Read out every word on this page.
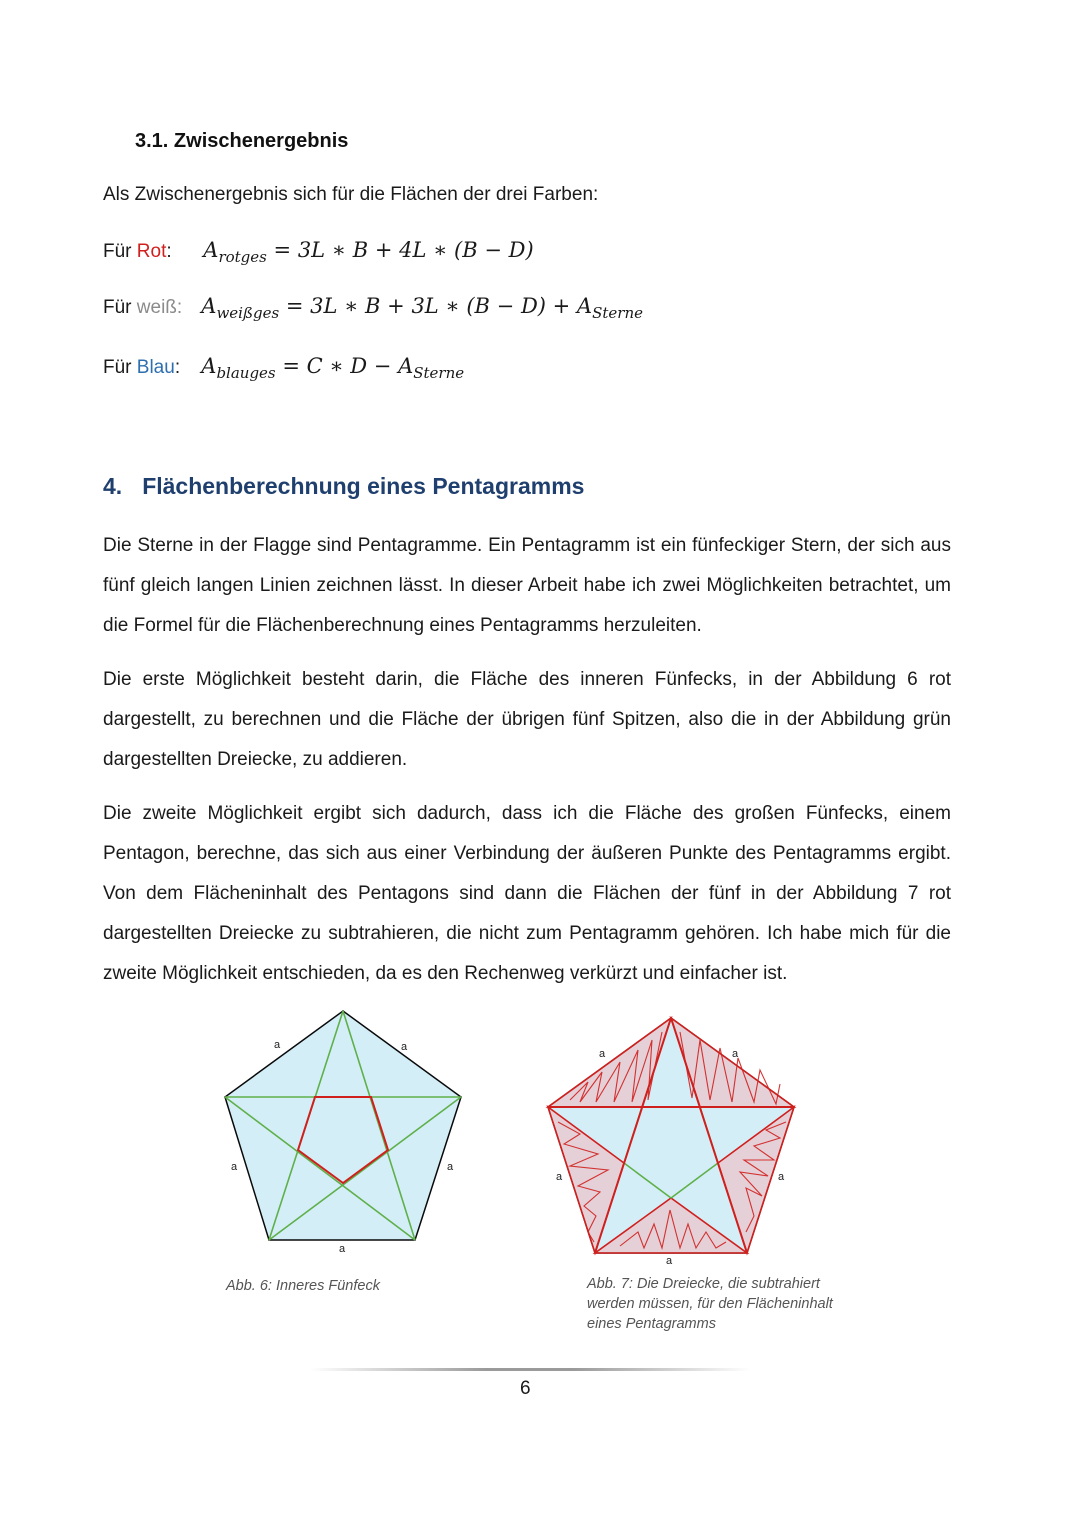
3.1. Zwischenergebnis
Als Zwischenergebnis sich für die Flächen der drei Farben:
Für Rot: $A_{rotges} = 3L$ ∗ B + 4L ∗ (B − D)
Für weiß: $A_{weißges} = 3L$ ∗ B + 3L ∗ $(B - D) + A_{Sterne}$
Für Blau: $A_{blauges} = C$ ∗ $D - A_{Sterne}$
4. Flächenberechnung eines Pentagramms
Die Sterne in der Flagge sind Pentagramme. Ein Pentagramm ist ein fünfeckiger Stern, der sich aus fünf gleich langen Linien zeichnen lässt. In dieser Arbeit habe ich zwei Möglichkeiten betrachtet, um die Formel für die Flächenberechnung eines Pentagramms herzuleiten.
Die erste Möglichkeit besteht darin, die Fläche des inneren Fünfecks, in der Abbildung 6 rot dargestellt, zu berechnen und die Fläche der übrigen fünf Spitzen, also die in der Abbildung grün dargestellten Dreiecke, zu addieren.
Die zweite Möglichkeit ergibt sich dadurch, dass ich die Fläche des großen Fünfecks, einem Pentagon, berechne, das sich aus einer Verbindung der äußeren Punkte des Pentagramms ergibt. Von dem Flächeninhalt des Pentagons sind dann die Flächen der fünf in der Abbildung 7 rot dargestellten Dreiecke zu subtrahieren, die nicht zum Pentagramm gehören. Ich habe mich für die zweite Möglichkeit entschieden, da es den Rechenweg verkürzt und einfacher ist.
a	a
a	a
a
Abb. 6: Inneres Fünfeck
a	a
a	a
a
Abb. 7: Die Dreiecke, die subtrahiert
werden müssen, für den Flächeninhalt
eines Pentagramms
6
